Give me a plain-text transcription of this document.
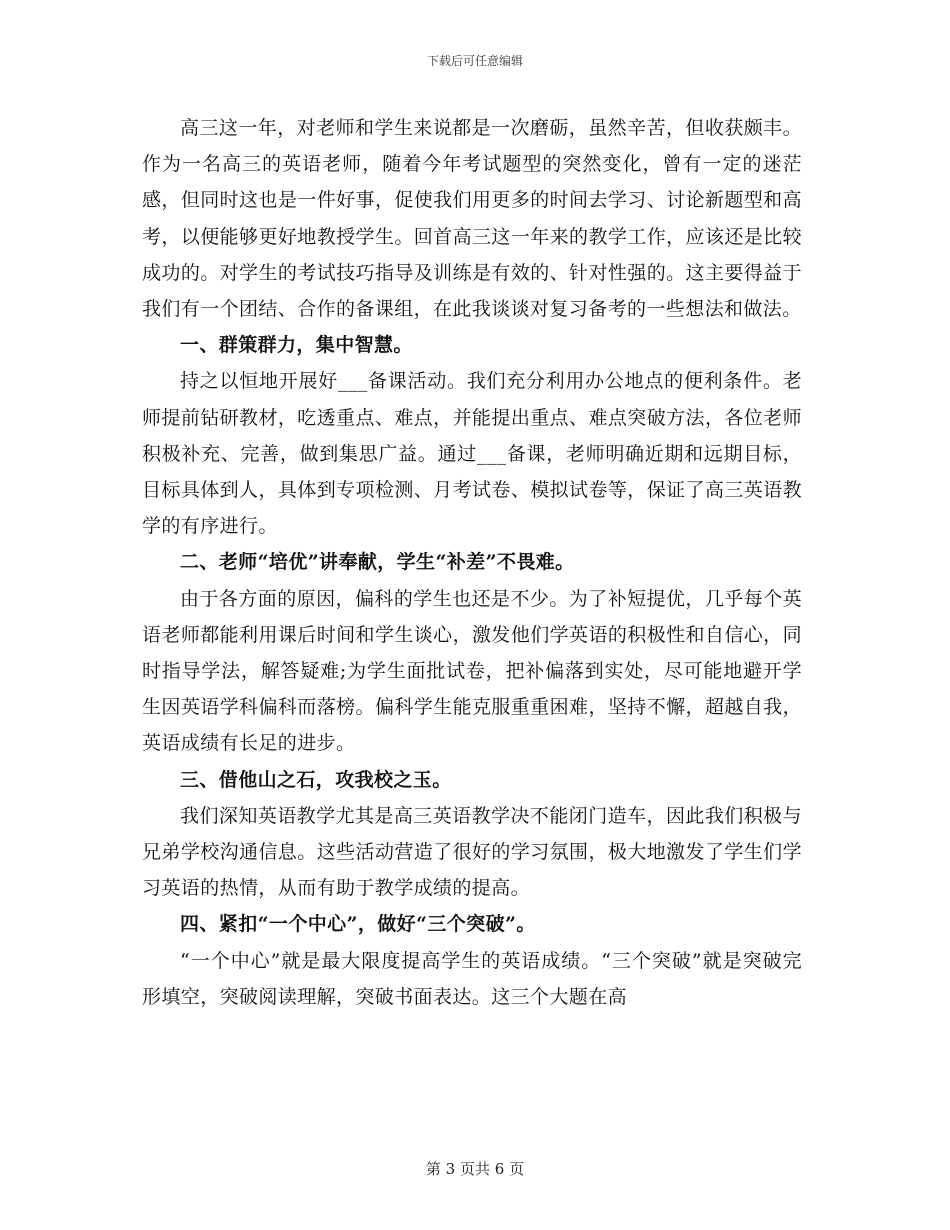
下载后可任意编辑

高三这一年，对老师和学生来说都是一次磨砺，虽然辛苦，但收获颇丰。作为一名高三的英语老师，随着今年考试题型的突然变化，曾有一定的迷茫感，但同时这也是一件好事，促使我们用更多的时间去学习、讨论新题型和高考，以便能够更好地教授学生。回首高三这一年来的教学工作，应该还是比较成功的。对学生的考试技巧指导及训练是有效的、针对性强的。这主要得益于我们有一个团结、合作的备课组，在此我谈谈对复习备考的一些想法和做法。

一、群策群力，集中智慧。

持之以恒地开展好___备课活动。我们充分利用办公地点的便利条件。老师提前钻研教材，吃透重点、难点，并能提出重点、难点突破方法，各位老师积极补充、完善，做到集思广益。通过___备课，老师明确近期和远期目标，目标具体到人，具体到专项检测、月考试卷、模拟试卷等，保证了高三英语教学的有序进行。

二、老师“培优”讲奉献，学生“补差”不畏难。

由于各方面的原因，偏科的学生也还是不少。为了补短提优，几乎每个英语老师都能利用课后时间和学生谈心，激发他们学英语的积极性和自信心，同时指导学法，解答疑难;为学生面批试卷，把补偏落到实处，尽可能地避开学生因英语学科偏科而落榜。偏科学生能克服重重困难，坚持不懈，超越自我，英语成绩有长足的进步。

三、借他山之石，攻我校之玉。

我们深知英语教学尤其是高三英语教学决不能闭门造车，因此我们积极与兄弟学校沟通信息。这些活动营造了很好的学习氛围，极大地激发了学生们学习英语的热情，从而有助于教学成绩的提高。

四、紧扣“一个中心”，做好“三个突破”。

“一个中心”就是最大限度提高学生的英语成绩。“三个突破”就是突破完形填空，突破阅读理解，突破书面表达。这三个大题在高

第 3 页共 6 页
